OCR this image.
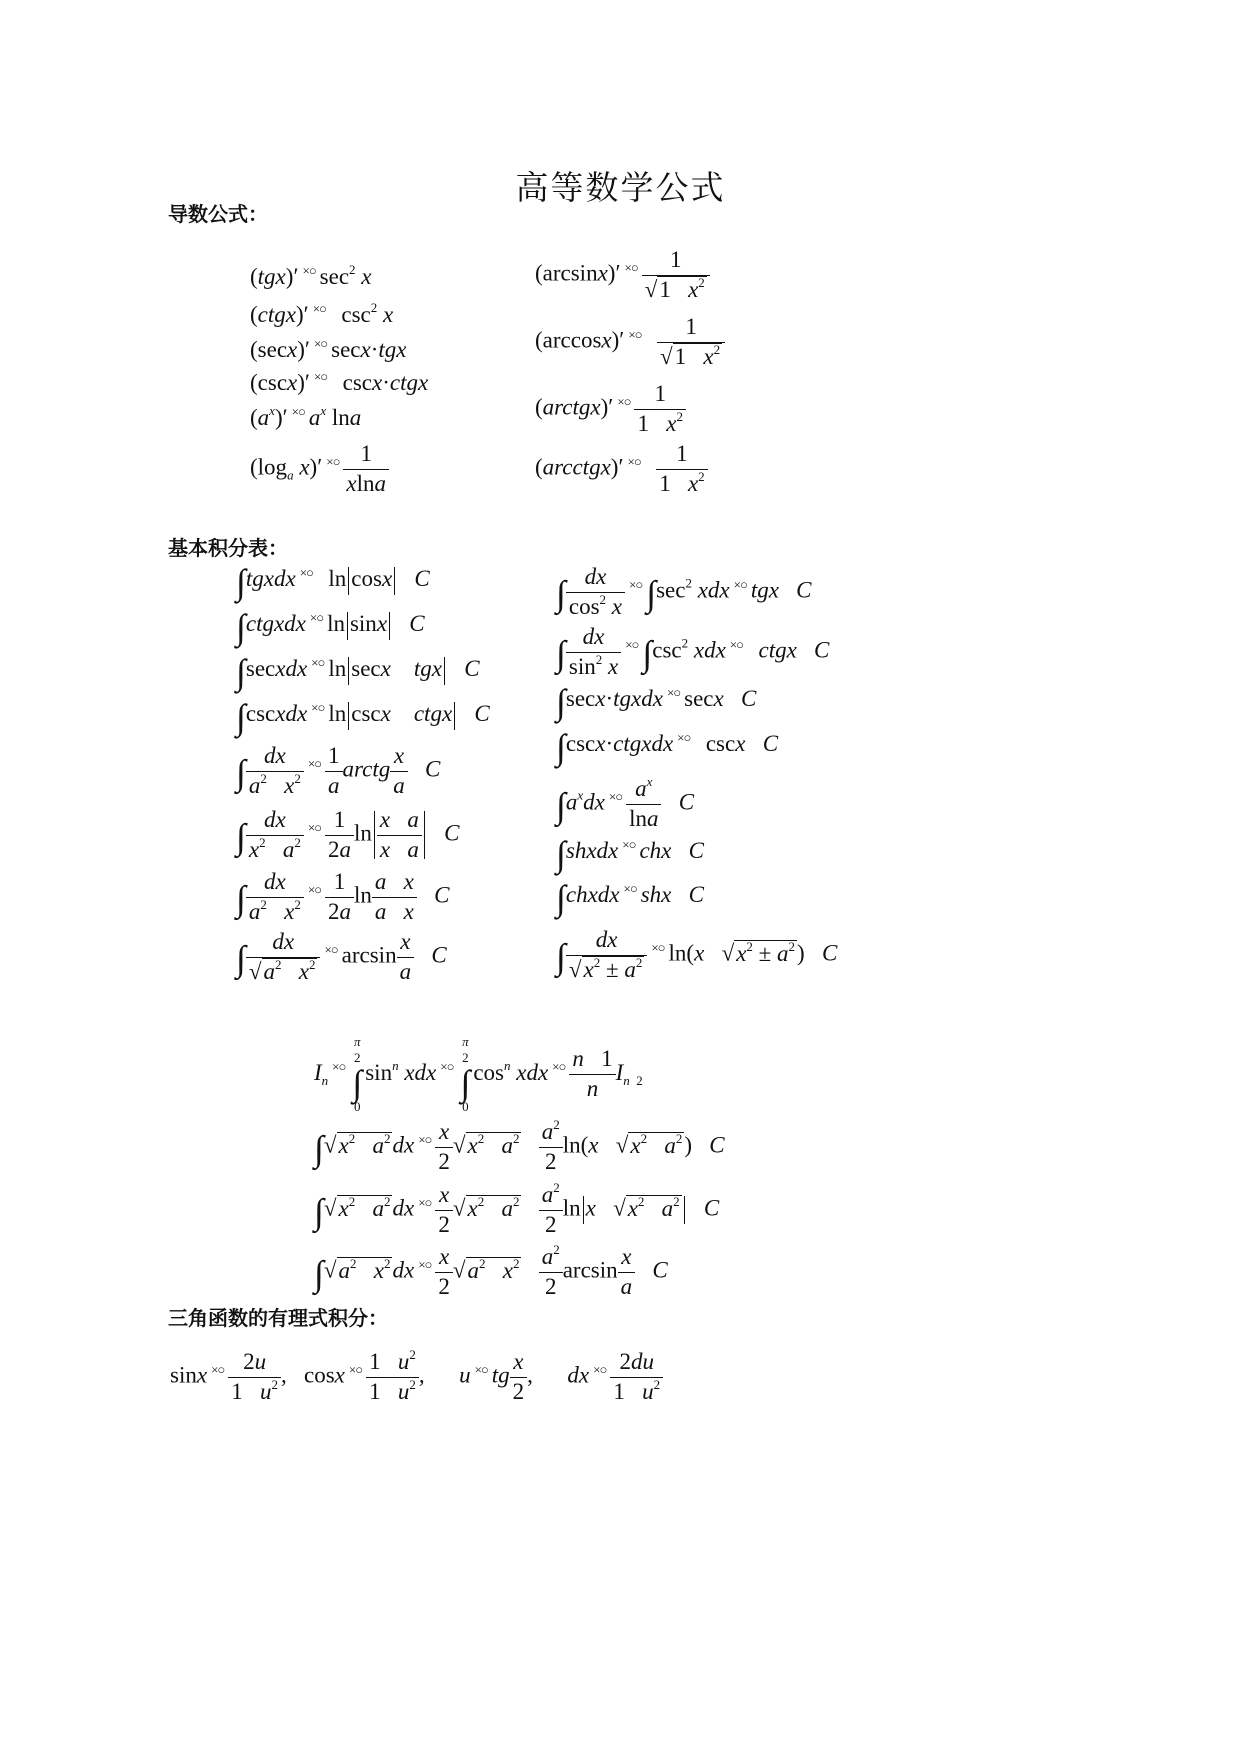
高等数学公式
导数公式：
基本积分表：
三角函数的有理式积分：
(tgx)′ ×○ $\sec^2 x$
(ctgx)′ ×○  $\csc^2 x$
(secx)′ ×○ secx·tgx
(cscx)′ ×○  cscx·ctgx
$(a^x)'$ ×○ $a^x$ lna
($\log_a$ x)′ $^{\times○} \frac{1}{xlna}$
(arcsinx)′ $^{\times○} \frac{1}{√1 x^2}$
(arccosx)′ $^{\times○} \frac{1}{√1 x^2}$
(arctgx)′ $^{\times○} \frac{1}{1 x^2}$
(arcctgx)′ $^{\times○} \frac{1}{1 x^2}$
∫tgxdx ×○  ln cosx C
∫ctgxdx ×○ ln sinx C
∫secxdx ×○ ln secx tgx C
∫cscxdx ×○ ln cscx ctgx C
∫ $\frac{dx}{a^2 x^2} ^{\times○} \frac{1}{a}$ arctg $\frac{x}{a}$ C
∫ $\frac{dx}{x^2 a^2} ^{\times○} \frac{1}{2a}$ $\ln \frac{\text{x a}}{\text{x a}}$ C
∫ $\frac{dx}{a^2 x^2} ^{\times○} \frac{1}{2a}$ $\ln \frac{\text{a x}}{\text{a x}}$ C
∫ $\frac{dx}{√a^2 x^2} ^{\times○}$ $\arcsin \frac{x}{a}$ C
∫ $\frac{dx}{\cos^2 x} ^{\times○}$ $\int\sec^2$ xdx ×○ tgx C
∫ $\frac{dx}{\sin^2 x} ^{\times○}$ $\int\csc^2$ xdx ×○ ctgx C
∫secx·tgxdx ×○ secx C
∫cscx·ctgxdx ×○  cscx C
$\int a^xdx$ $^{\times○} \frac{a^x}{\ln a}$ C
∫shxdx ×○ chx C
∫chxdx ×○ shx C
∫ $\frac{dx}{√x^2 \pm a^2} ^{\times○}$ ln(x   $√x^2 \pm a^2$)   C
$I_n^{\times○}$
π
2
∫
0
$\sin^n$ xdx ×○
π
2
∫
0
$\cos^n$ xdx $^{\times○} \frac{n 1}{n} I_{n 2}$
$\int√x^2$ $a^2dx$ $^{\times○} \frac{x}{2} √x^2$ $a^2 \frac{a^2}{2} \ln(x$   $√x^2$ $a^2$)   C
$\int√x^2$ $a^2dx$ $^{\times○} \frac{x}{2} √x^2$ $a^2 \frac{a^2}{2}$ ln x   $√x^2$ $a^2$ C
$\int√a^2$ $x^2dx$ $^{\times○} \frac{x}{2} √a^2$ $x^2 \frac{a^2}{2}$ $\arcsin \frac{x}{a}$ C
sinx $^{\times○} \frac{2u}{1 u^2}$ ,   cosx $^{\times○} \frac{1 u^2}{1 u^2}$ ,      u ×○ tg $\frac{x}{2}$ ,      dx $^{\times○} \frac{2du}{1 u^2}$
